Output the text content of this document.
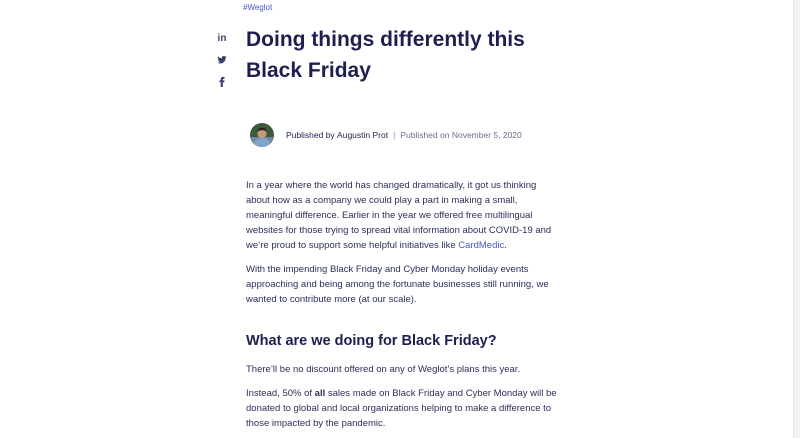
#Weglot
in Doing things differently this Black Friday
Published by
Augustin Prot | Published on
November 5, 2020

In a year where the world has changed dramatically, it got us thinking about how as a company we could play a part in making a small, meaningful difference. Earlier in the year we offered free multilingual websites for those trying to spread vital information about COVID-19 and we’re proud to support some helpful initiatives like CardMedic.

With the impending Black Friday and Cyber Monday holiday events approaching and being among the fortunate businesses still running, we wanted to contribute more (at our scale).

What are we doing for Black Friday?

There’ll be no discount offered on any of Weglot’s plans this year.

Instead, 50% of all sales made on Black Friday and Cyber Monday will be donated to global and local organizations helping to make a difference to those impacted by the pandemic.
